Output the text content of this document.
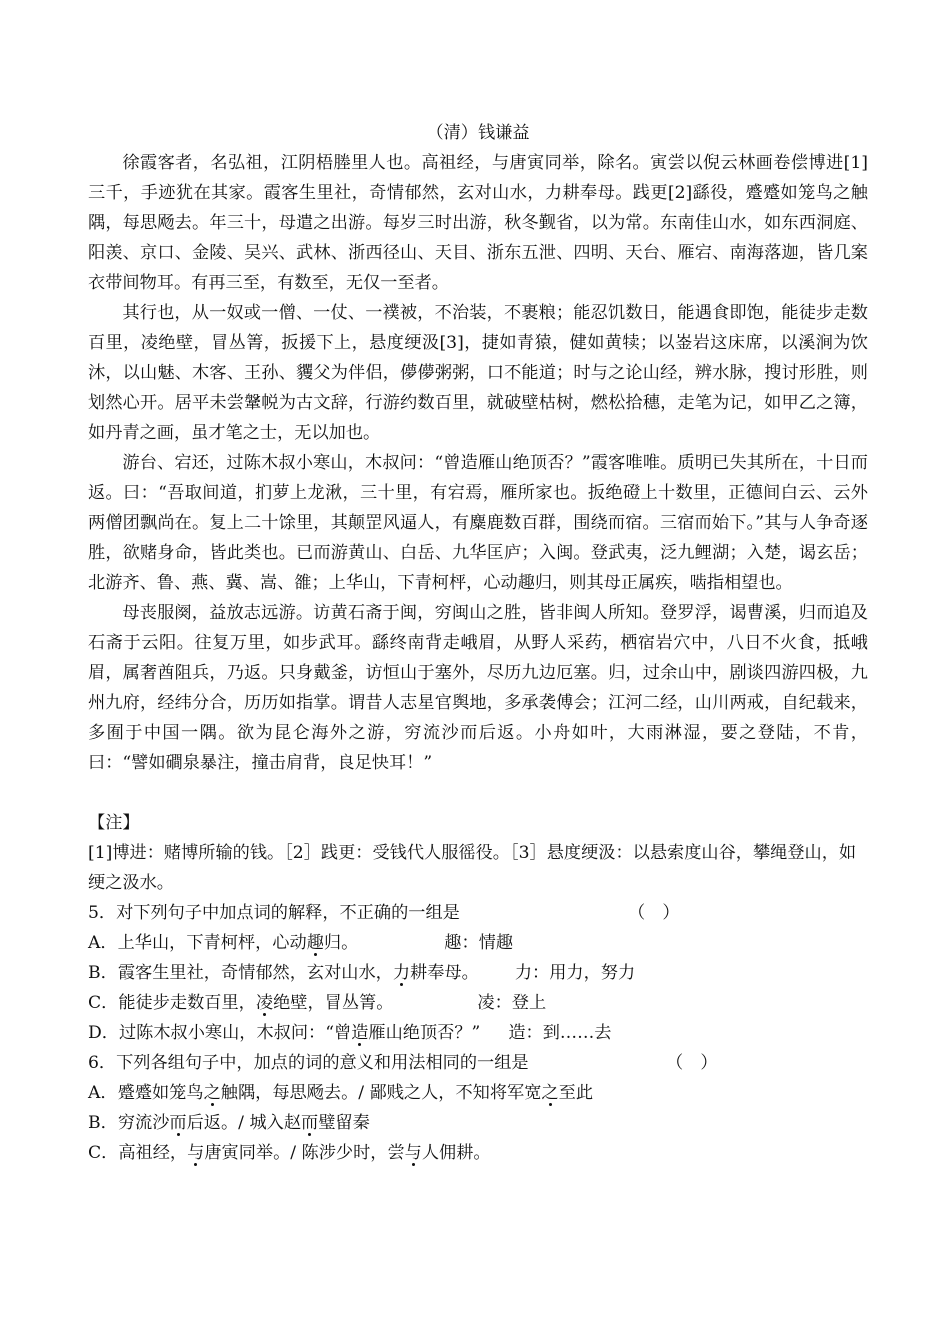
（清）钱谦益
徐霞客者，名弘祖，江阴梧塍里人也。高祖经，与唐寅同举，除名。寅尝以倪云林画卷偿博进[1]三千，手迹犹在其家。霞客生里社，奇情郁然，玄对山水，力耕奉母。践更[2]繇役，蹙蹙如笼鸟之触隅，每思飏去。年三十，母遣之出游。每岁三时出游，秋冬觐省，以为常。东南佳山水，如东西洞庭、阳羡、京口、金陵、吴兴、武林、浙西径山、天目、浙东五泄、四明、天台、雁宕、南海落迦，皆几案衣带间物耳。有再三至，有数至，无仅一至者。
其行也，从一奴或一僧、一仗、一襆被，不治装，不裹粮；能忍饥数日，能遇食即饱，能徒步走数百里，凌绝壁，冒丛箐，扳援下上，悬度绠汲[3]，捷如青猿，健如黄犊；以崟岩这床席，以溪涧为饮沐，以山魅、木客、王孙、貜父为伴侣，儚儚粥粥，口不能道；时与之论山经，辨水脉，搜讨形胜，则划然心开。居平未尝鞶帨为古文辞，行游约数百里，就破壁枯树，燃松拾穗，走笔为记，如甲乙之簿，如丹青之画，虽才笔之士，无以加也。
游台、宕还，过陈木叔小寒山，木叔问：“曾造雁山绝顶否？”霞客唯唯。质明已失其所在，十日而返。曰：“吾取间道，扪萝上龙湫，三十里，有宕焉，雁所家也。扳绝磴上十数里，正德间白云、云外两僧团飘尚在。复上二十馀里，其颠罡风逼人，有麋鹿数百群，围绕而宿。三宿而始下。”其与人争奇逐胜，欲赌身命，皆此类也。已而游黄山、白岳、九华匡庐；入闽。登武夷，泛九鲤湖；入楚，谒玄岳；北游齐、鲁、燕、冀、嵩、雒；上华山，下青柯枰，心动趣归，则其母正属疾，啮指相望也。
母丧服阕，益放志远游。访黄石斋于闽，穷闽山之胜，皆非闽人所知。登罗浮，谒曹溪，归而追及石斋于云阳。往复万里，如步武耳。繇终南背走峨眉，从野人采药，栖宿岩穴中，八日不火食，抵峨眉，属奢酋阻兵，乃返。只身戴釜，访恒山于塞外，尽历九边厄塞。归，过余山中，剧谈四游四极，九州九府，经纬分合，历历如指掌。谓昔人志星官舆地，多承袭傅会；江河二经，山川两戒，自纪载来，多囿于中国一隅。欲为昆仑海外之游，穷流沙而后返。小舟如叶，大雨淋湿，要之登陆，不肯，曰：“譬如磵泉暴注，撞击肩背，良足快耳！”
【注】
[1]博进：赌博所输的钱。［2］践更：受钱代人服徭役。［3］悬度绠汲：以悬索度山谷，攀绳登山，如绠之汲水。
5．对下列句子中加点词的解释，不正确的一组是	（　）
A．上华山，下青柯枰，心动趣归。	趣：情趣
B．霞客生里社，奇情郁然，玄对山水，力耕奉母。 力：用力，努力
C．能徒步走数百里，凌绝壁，冒丛箐。	凌：登上
D．过陈木叔小寒山，木叔问：“曾造雁山绝顶否？” 造：到……去
6．下列各组句子中，加点的词的意义和用法相同的一组是	（　）
A．蹙蹙如笼鸟之触隅，每思飏去。/ 鄙贱之人，不知将军宽之至此
B．穷流沙而后返。/ 城入赵而璧留秦
C．高祖经，与唐寅同举。/ 陈涉少时，尝与人佣耕。
